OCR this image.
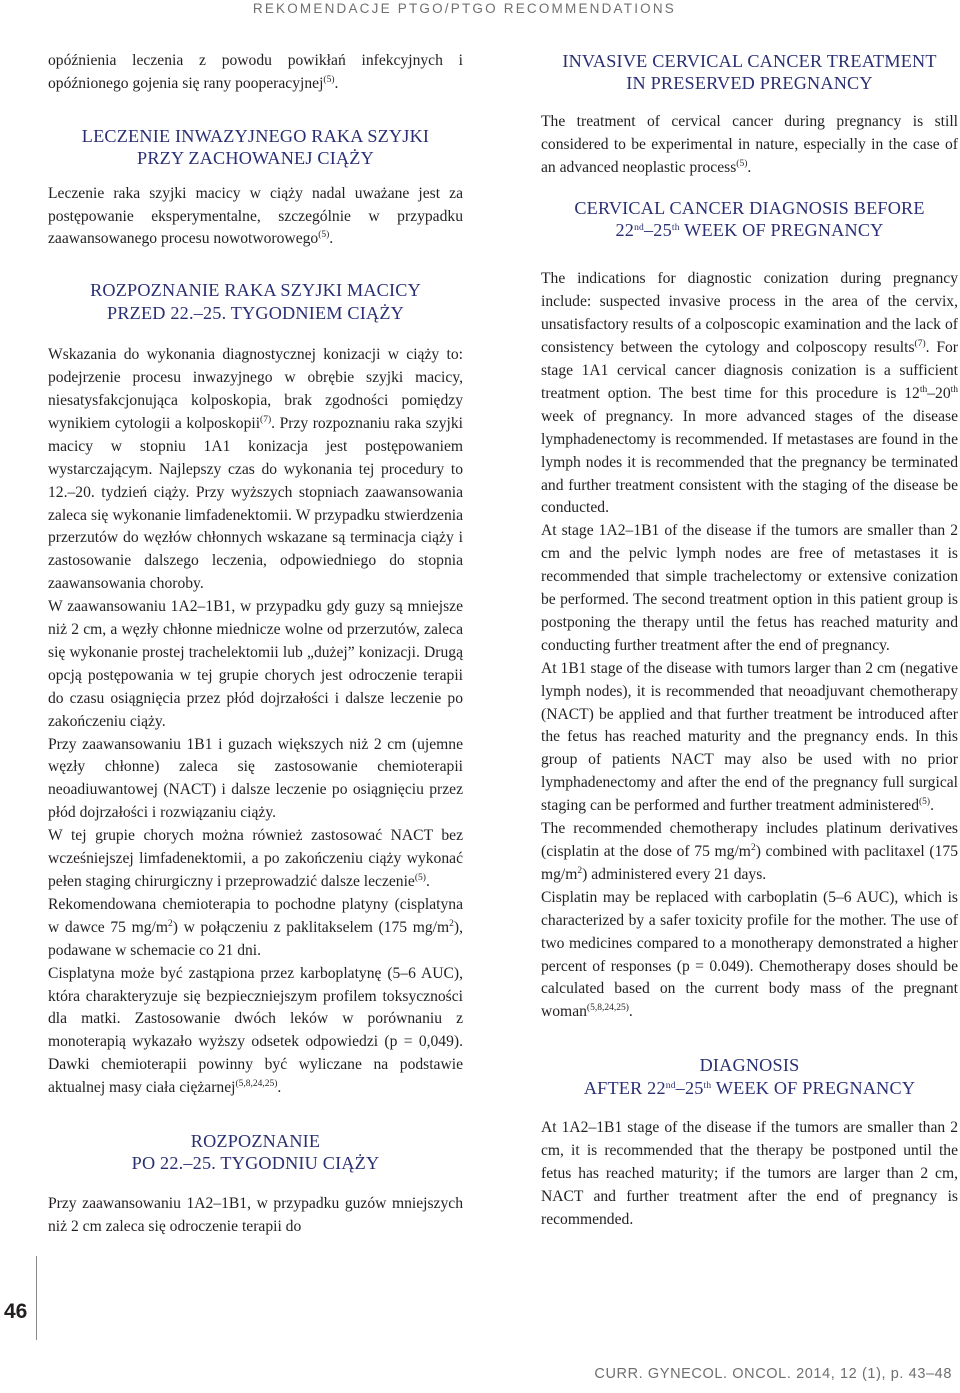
REKOMENDACJE PTGO/PTGO RECOMMENDATIONS

opóźnienia leczenia z powodu powikłań infekcyjnych i opóźnionego gojenia się rany pooperacyjnej$^{(5)}$.

LECZENIE INWAZYJNEGO RAKA SZYJKI
PRZY ZACHOWANEJ CIĄŻY

Leczenie raka szyjki macicy w ciąży nadal uważane jest za postępowanie eksperymentalne, szczególnie w przypadku zaawansowanego procesu nowotworowego$^{(5)}$.

ROZPOZNANIE RAKA SZYJKI MACICY
PRZED 22.–25. TYGODNIEM CIĄŻY

Wskazania do wykonania diagnostycznej konizacji w ciąży to: podejrzenie procesu inwazyjnego w obrębie szyjki macicy, niesatysfakcjonująca kolposkopia, brak zgodności pomiędzy wynikiem cytologii a kolposkopii$^{(7)}$. Przy rozpoznaniu raka szyjki macicy w stopniu 1A1 konizacja jest postępowaniem wystarczającym. Najlepszy czas do wykonania tej procedury to 12.–20. tydzień ciąży. Przy wyższych stopniach zaawansowania zaleca się wykonanie limfadenektomii. W przypadku stwierdzenia przerzutów do węzłów chłonnych wskazane są terminacja ciąży i zastosowanie dalszego leczenia, odpowiedniego do stopnia zaawansowania choroby.

W zaawansowaniu 1A2–1B1, w przypadku gdy guzy są mniejsze niż 2 cm, a węzły chłonne miednicze wolne od przerzutów, zaleca się wykonanie prostej trachelektomii lub „dużej” konizacji. Drugą opcją postępowania w tej grupie chorych jest odroczenie terapii do czasu osiągnięcia przez płód dojrzałości i dalsze leczenie po zakończeniu ciąży.

Przy zaawansowaniu 1B1 i guzach większych niż 2 cm (ujemne węzły chłonne) zaleca się zastosowanie chemioterapii neoadiuwantowej (NACT) i dalsze leczenie po osiągnięciu przez płód dojrzałości i rozwiązaniu ciąży.

W tej grupie chorych można również zastosować NACT bez wcześniejszej limfadenektomii, a po zakończeniu ciąży wykonać pełen staging chirurgiczny i przeprowadzić dalsze leczenie$^{(5)}$.

Rekomendowana chemioterapia to pochodne platyny (cisplatyna w dawce 75 $mg/m^2$) w połączeniu z paklitakselem (175 $mg/m^2$), podawane w schemacie co 21 dni.

Cisplatyna może być zastąpiona przez karboplatynę (5–6 AUC), która charakteryzuje się bezpieczniejszym profilem toksyczności dla matki. Zastosowanie dwóch leków w porównaniu z monoterapią wykazało wyższy odsetek odpowiedzi (p = 0,049). Dawki chemioterapii powinny być wyliczane na podstawie aktualnej masy ciała ciężarnej$^{(5,8,24,25)}$.

ROZPOZNANIE
PO 22.–25. TYGODNIU CIĄŻY

Przy zaawansowaniu 1A2–1B1, w przypadku guzów mniejszych niż 2 cm zaleca się odroczenie terapii do

INVASIVE CERVICAL CANCER TREATMENT
IN PRESERVED PREGNANCY

The treatment of cervical cancer during pregnancy is still considered to be experimental in nature, especially in the case of an advanced neoplastic process$^{(5)}$.

CERVICAL CANCER DIAGNOSIS BEFORE
22nd–25th WEEK OF PREGNANCY

The indications for diagnostic conization during pregnancy include: suspected invasive process in the area of the cervix, unsatisfactory results of a colposcopic examination and the lack of consistency between the cytology and colposcopy results$^{(7)}$. For stage 1A1 cervical cancer diagnosis conization is a sufficient treatment option. The best time for this procedure is 12th–20th week of pregnancy. In more advanced stages of the disease lymphadenectomy is recommended. If metastases are found in the lymph nodes it is recommended that the pregnancy be terminated and further treatment consistent with the staging of the disease be conducted.

At stage 1A2–1B1 of the disease if the tumors are smaller than 2 cm and the pelvic lymph nodes are free of metastases it is recommended that simple trachelectomy or extensive conization be performed. The second treatment option in this patient group is postponing the therapy until the fetus has reached maturity and conducting further treatment after the end of pregnancy.

At 1B1 stage of the disease with tumors larger than 2 cm (negative lymph nodes), it is recommended that neoadjuvant chemotherapy (NACT) be applied and that further treatment be introduced after the fetus has reached maturity and the pregnancy ends. In this group of patients NACT may also be used with no prior lymphadenectomy and after the end of the pregnancy full surgical staging can be performed and further treatment administered$^{(5)}$.

The recommended chemotherapy includes platinum derivatives (cisplatin at the dose of 75 $mg/m^2$) combined with paclitaxel (175 $mg/m^2$) administered every 21 days.

Cisplatin may be replaced with carboplatin (5–6 AUC), which is characterized by a safer toxicity profile for the mother. The use of two medicines compared to a monotherapy demonstrated a higher percent of responses (p = 0.049). Chemotherapy doses should be calculated based on the current body mass of the pregnant woman$^{(5,8,24,25)}$.

DIAGNOSIS
AFTER 22nd–25th WEEK OF PREGNANCY

At 1A2–1B1 stage of the disease if the tumors are smaller than 2 cm, it is recommended that the therapy be postponed until the fetus has reached maturity; if the tumors are larger than 2 cm, NACT and further treatment after the end of pregnancy is recommended.

46
CURR. GYNECOL. ONCOL. 2014, 12 (1), p. 43–48
